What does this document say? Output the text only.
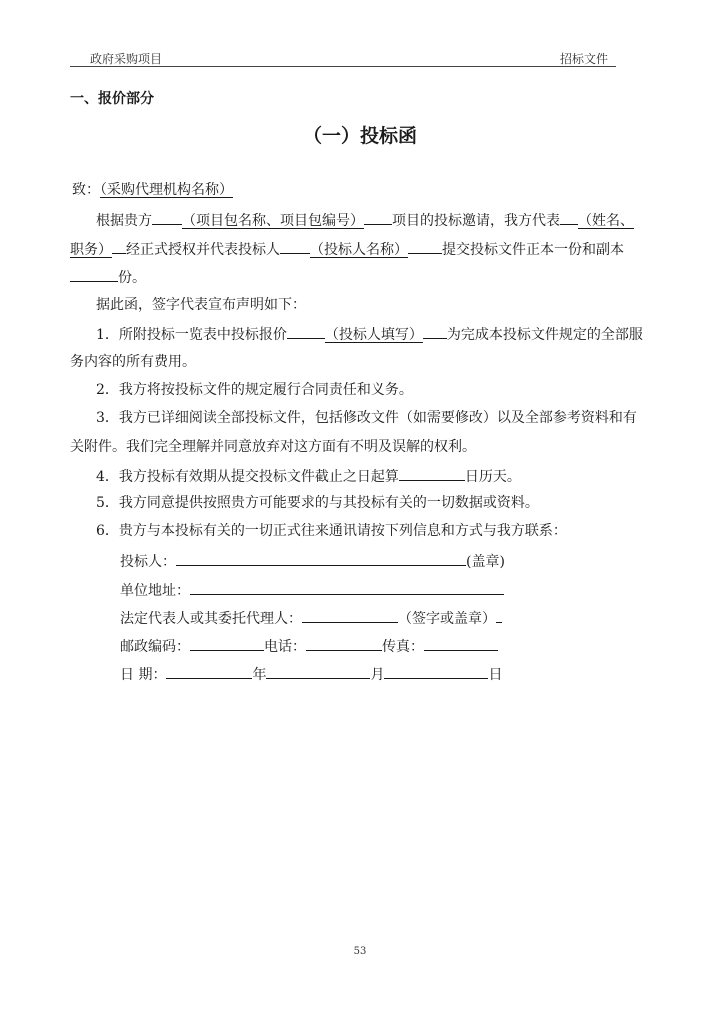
政府采购项目	招标文件
一、报价部分
（一）投标函
致：（采购代理机构名称）
根据贵方 （项目包名称、项目包编号） 项目的投标邀请，我方代表 （姓名、
职务） 经正式授权并代表投标人 （投标人名称） 提交投标文件正本一份和副本
份。
据此函，签字代表宣布声明如下：
1．所附投标一览表中投标报价	（投标人填写） 为完成本投标文件规定的全部服
务内容的所有费用。
2．我方将按投标文件的规定履行合同责任和义务。
3．我方已详细阅读全部投标文件，包括修改文件（如需要修改）以及全部参考资料和有
关附件。我们完全理解并同意放弃对这方面有不明及误解的权利。
4．我方投标有效期从提交投标文件截止之日起算	日历天。
5．我方同意提供按照贵方可能要求的与其投标有关的一切数据或资料。
6．贵方与本投标有关的一切正式往来通讯请按下列信息和方式与我方联系：
投标人：	(盖章)
单位地址：
法定代表人或其委托代理人：	（签字或盖章）
邮政编码：	电话：	传真：
日 期：	年	月	日
53
